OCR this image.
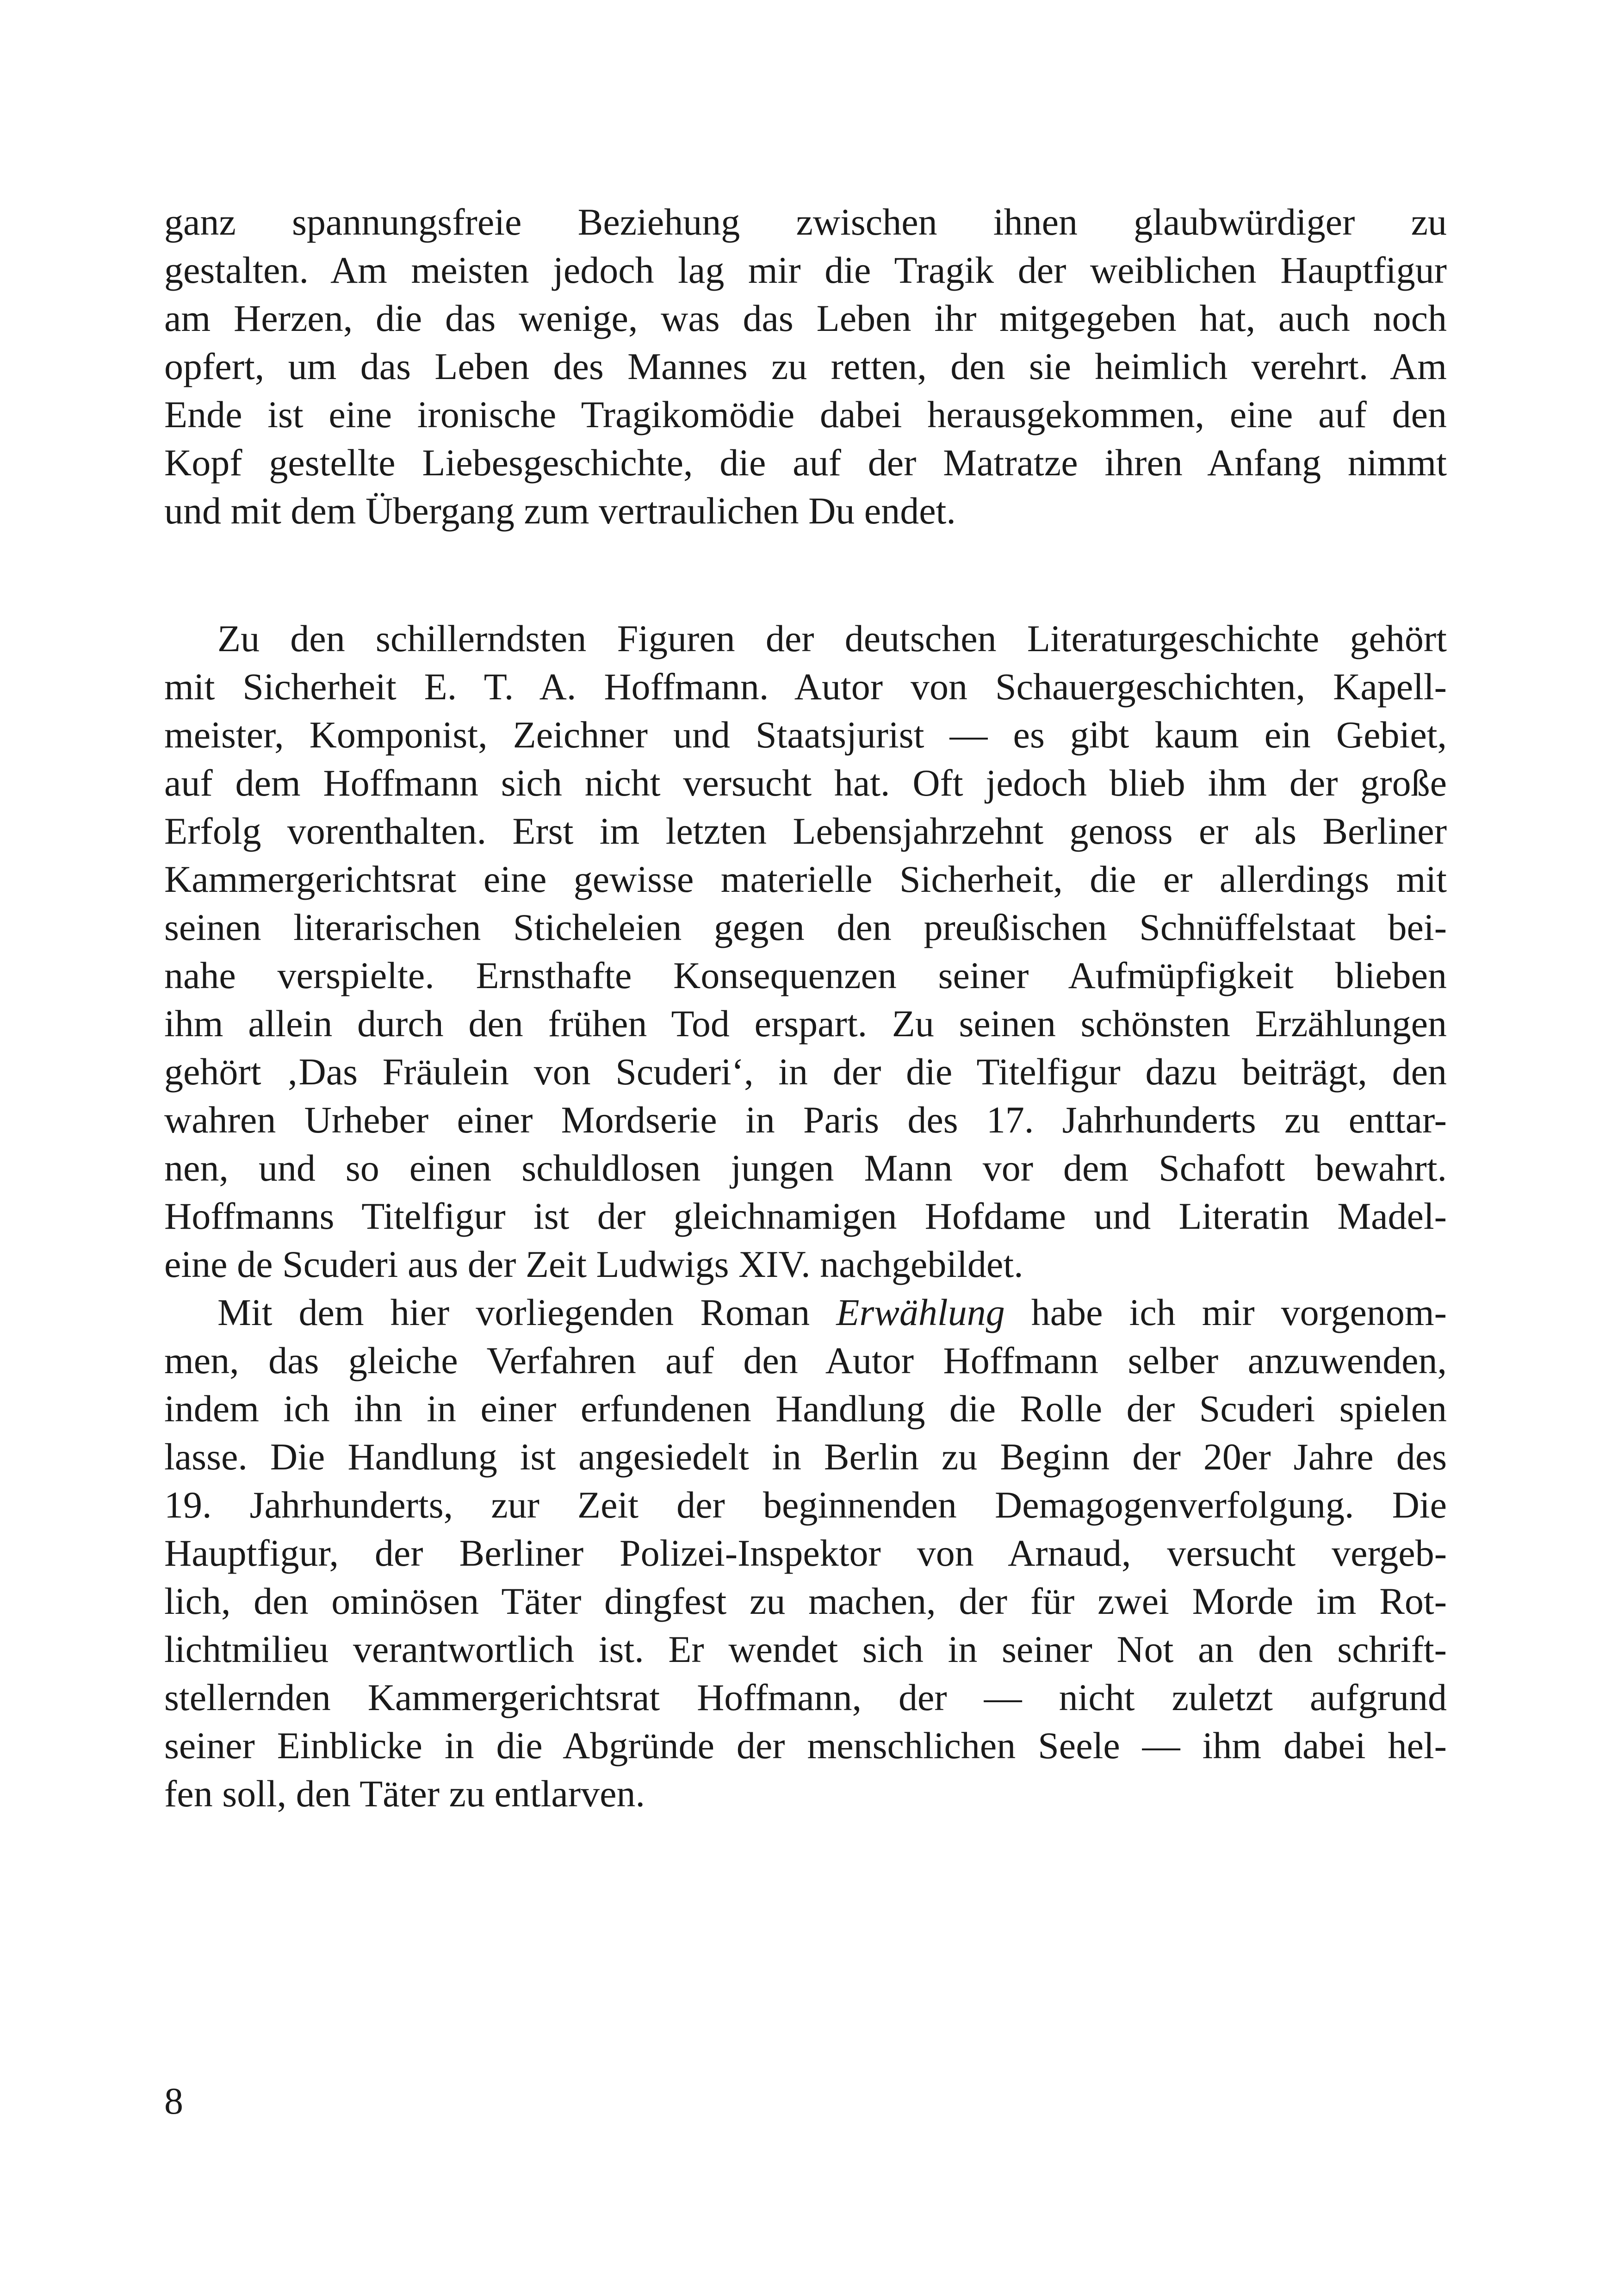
ganz spannungsfreie Beziehung zwischen ihnen glaubwürdiger zu
gestalten. Am meisten jedoch lag mir die Tragik der weiblichen Hauptfigur
am Herzen, die das wenige, was das Leben ihr mitgegeben hat, auch noch
opfert, um das Leben des Mannes zu retten, den sie heimlich verehrt. Am
Ende ist eine ironische Tragikomödie dabei herausgekommen, eine auf den
Kopf gestellte Liebesgeschichte, die auf der Matratze ihren Anfang nimmt
und mit dem Übergang zum vertraulichen Du endet.
Zu den schillerndsten Figuren der deutschen Literaturgeschichte gehört
mit Sicherheit E. T. A. Hoffmann. Autor von Schauergeschichten, Kapell-
meister, Komponist, Zeichner und Staatsjurist — es gibt kaum ein Gebiet,
auf dem Hoffmann sich nicht versucht hat. Oft jedoch blieb ihm der große
Erfolg vorenthalten. Erst im letzten Lebensjahrzehnt genoss er als Berliner
Kammergerichtsrat eine gewisse materielle Sicherheit, die er allerdings mit
seinen literarischen Sticheleien gegen den preußischen Schnüffelstaat bei-
nahe verspielte. Ernsthafte Konsequenzen seiner Aufmüpfigkeit blieben
ihm allein durch den frühen Tod erspart. Zu seinen schönsten Erzählungen
gehört ‚Das Fräulein von Scuderi‘, in der die Titelfigur dazu beiträgt, den
wahren Urheber einer Mordserie in Paris des 17. Jahrhunderts zu enttar-
nen, und so einen schuldlosen jungen Mann vor dem Schafott bewahrt.
Hoffmanns Titelfigur ist der gleichnamigen Hofdame und Literatin Madel-
eine de Scuderi aus der Zeit Ludwigs XIV. nachgebildet.
Mit dem hier vorliegenden Roman Erwählung habe ich mir vorgenom-
men, das gleiche Verfahren auf den Autor Hoffmann selber anzuwenden,
indem ich ihn in einer erfundenen Handlung die Rolle der Scuderi spielen
lasse. Die Handlung ist angesiedelt in Berlin zu Beginn der 20er Jahre des
19. Jahrhunderts, zur Zeit der beginnenden Demagogenverfolgung. Die
Hauptfigur, der Berliner Polizei-Inspektor von Arnaud, versucht vergeb-
lich, den ominösen Täter dingfest zu machen, der für zwei Morde im Rot-
lichtmilieu verantwortlich ist. Er wendet sich in seiner Not an den schrift-
stellernden Kammergerichtsrat Hoffmann, der — nicht zuletzt aufgrund
seiner Einblicke in die Abgründe der menschlichen Seele — ihm dabei hel-
fen soll, den Täter zu entlarven.
8
